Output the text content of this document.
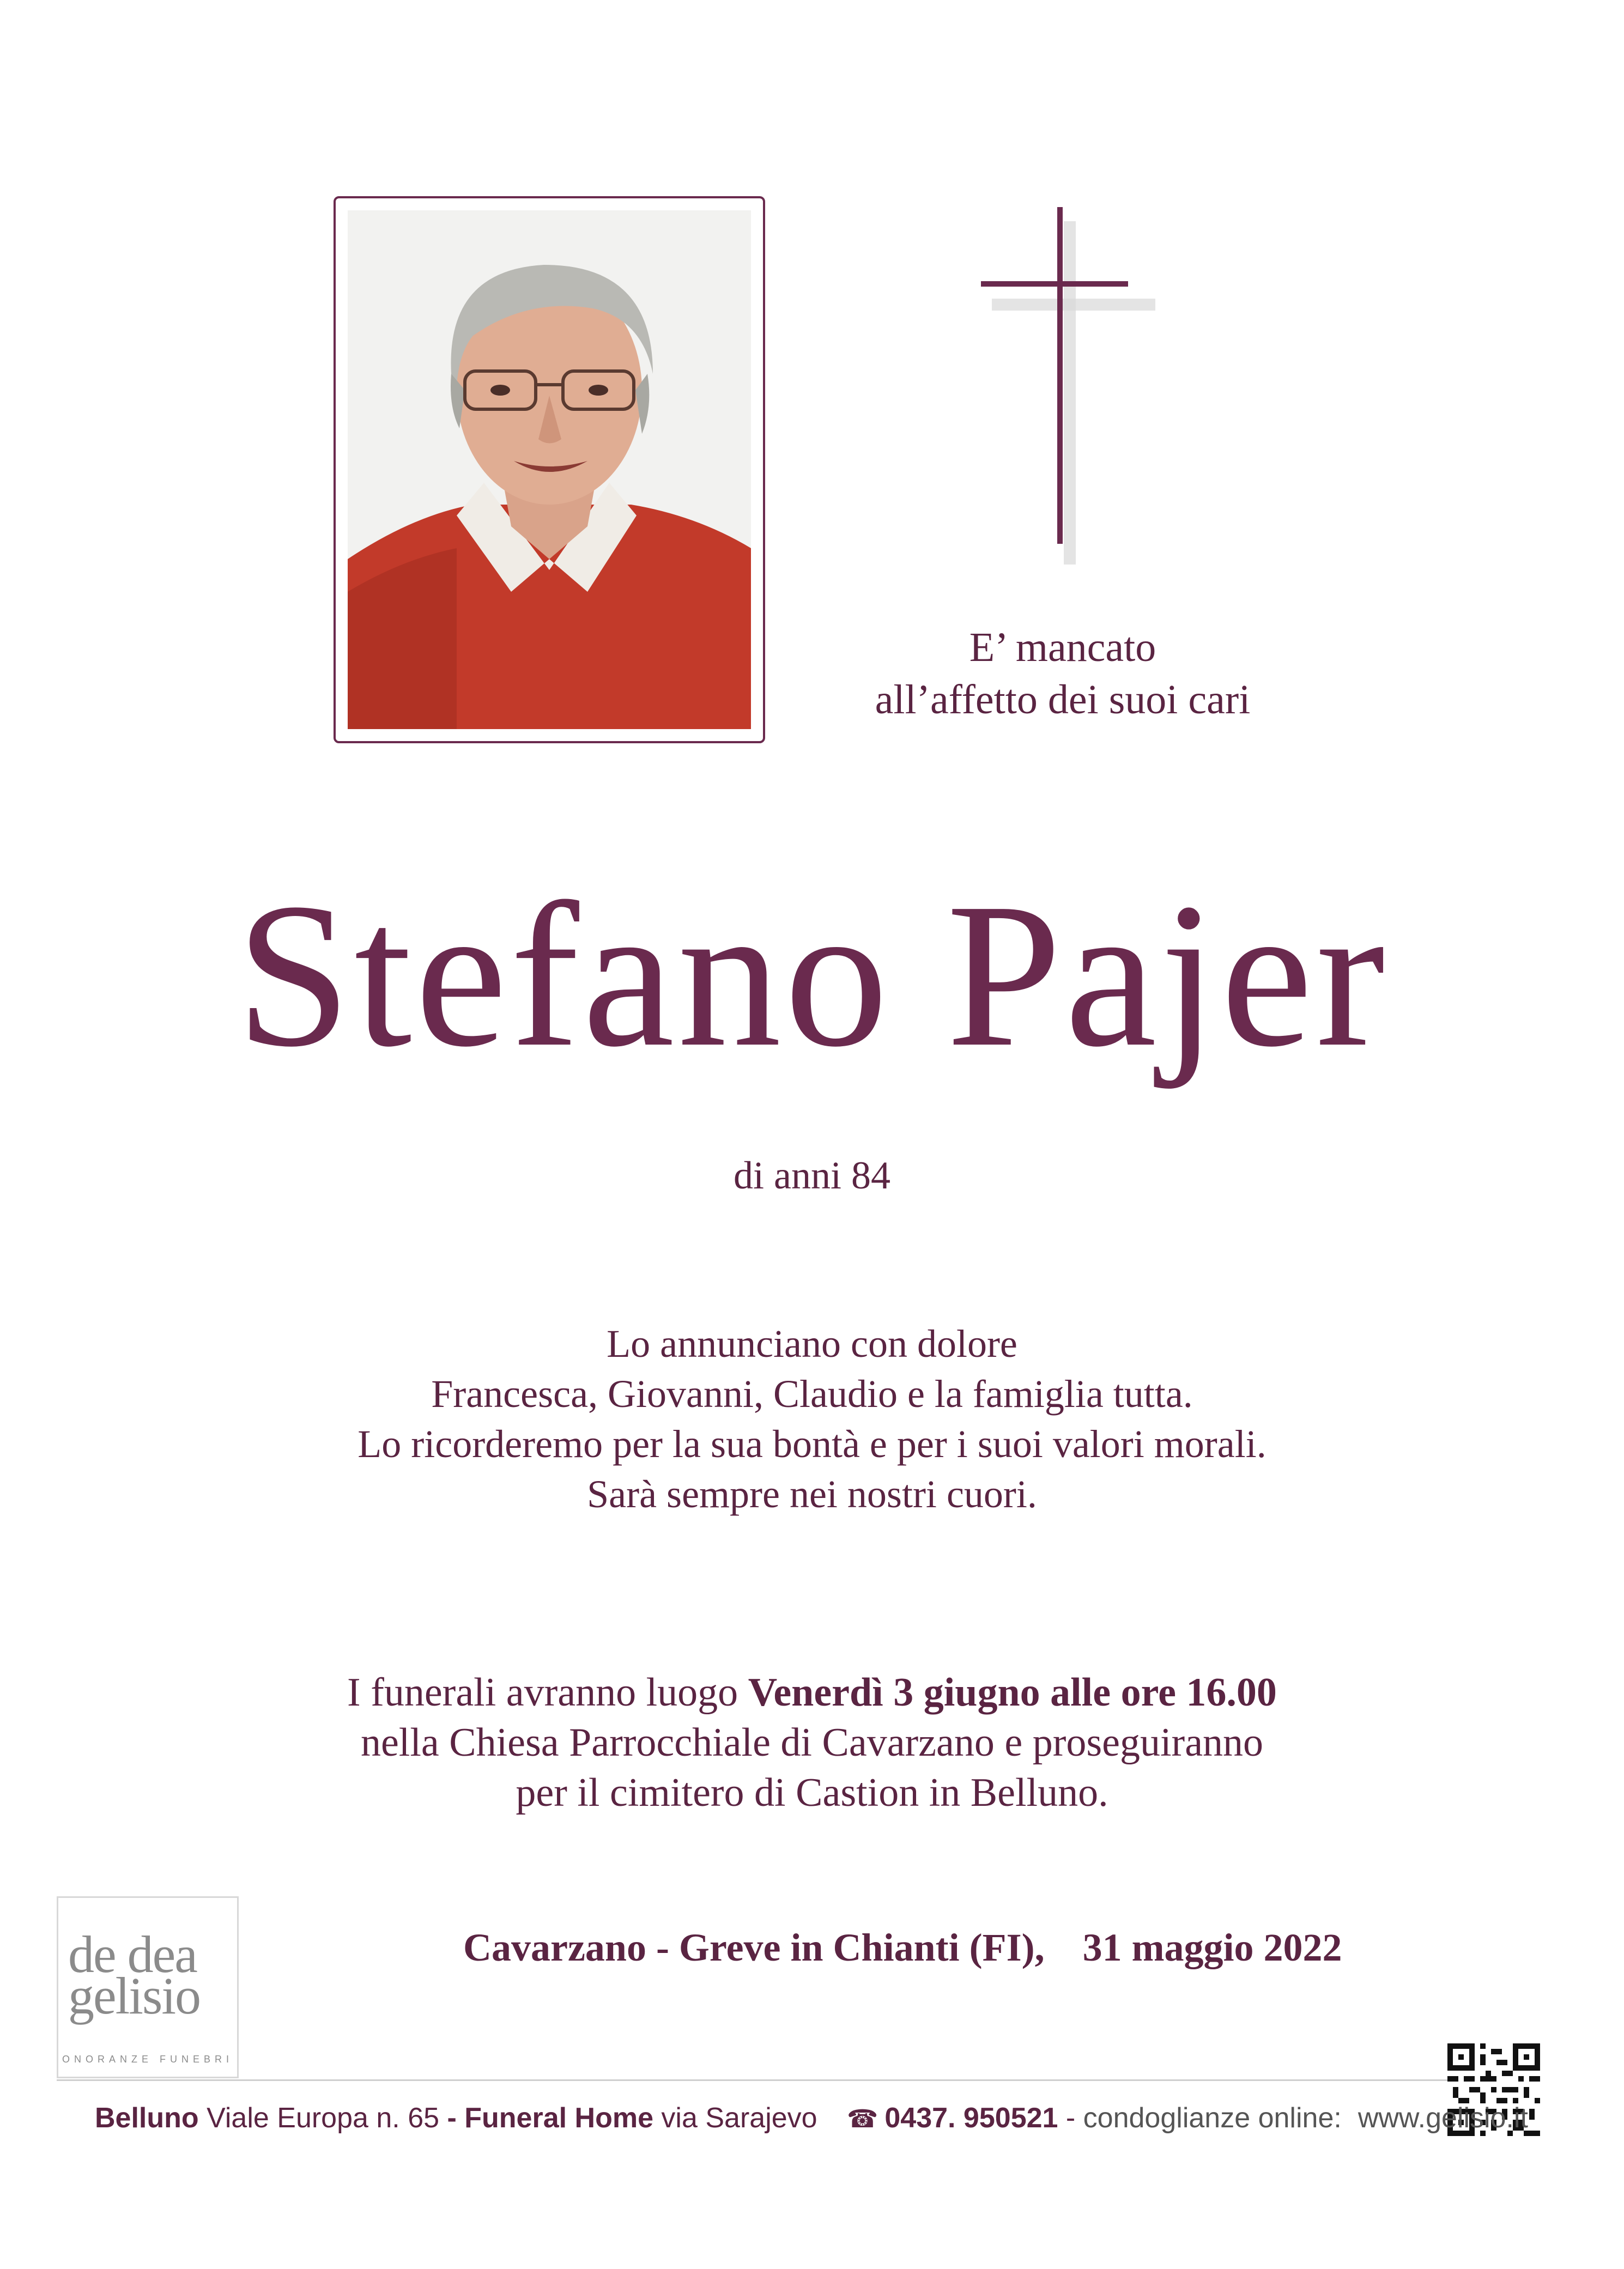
E’ mancato
all’affetto dei suoi cari
Stefano Pajer
di anni 84
Lo annunciano con dolore
Francesca, Giovanni, Claudio e la famiglia tutta.
Lo ricorderemo per la sua bontà e per i suoi valori morali.
Sarà sempre nei nostri cuori.
I funerali avranno luogo Venerdì 3 giugno alle ore 16.00
nella Chiesa Parrocchiale di Cavarzano e proseguiranno
per il cimitero di Castion in Belluno.
Cavarzano - Greve in Chianti (FI), 31 maggio 2022
de dea
gelisio
ONORANZE FUNEBRI
Belluno Viale Europa n. 65 - Funeral Home via Sarajevo ☎ 0437. 950521 - condoglianze online: www.gelisio.it
